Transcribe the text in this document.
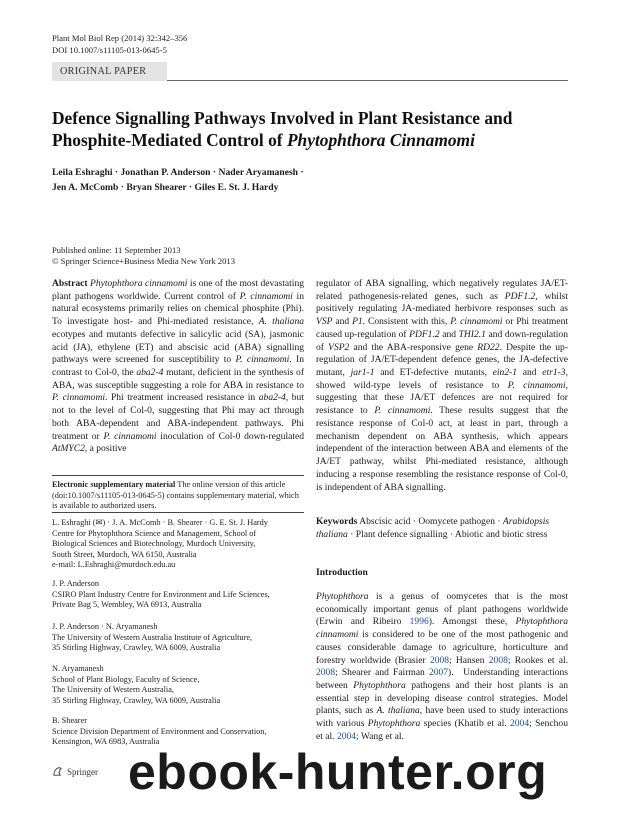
Plant Mol Biol Rep (2014) 32:342–356
DOI 10.1007/s11105-013-0645-5
ORIGINAL PAPER
Defence Signalling Pathways Involved in Plant Resistance and Phosphite-Mediated Control of Phytophthora Cinnamomi
Leila Eshraghi · Jonathan P. Anderson · Nader Aryamanesh ·
Jen A. McComb · Bryan Shearer · Giles E. St. J. Hardy
Published online: 11 September 2013
© Springer Science+Business Media New York 2013
Abstract Phytophthora cinnamomi is one of the most devastating plant pathogens worldwide. Current control of P. cinnamomi in natural ecosystems primarily relies on chemical phosphite (Phi). To investigate host- and Phi-mediated resistance, A. thaliana ecotypes and mutants defective in salicylic acid (SA), jasmonic acid (JA), ethylene (ET) and abscisic acid (ABA) signalling pathways were screened for susceptibility to P. cinnamomi. In contrast to Col-0, the aba2-4 mutant, deficient in the synthesis of ABA, was susceptible suggesting a role for ABA in resistance to P. cinnamomi. Phi treatment increased resistance in aba2-4, but not to the level of Col-0, suggesting that Phi may act through both ABA-dependent and ABA-independent pathways. Phi treatment or P. cinnamomi inoculation of Col-0 down-regulated AtMYC2, a positive
regulator of ABA signalling, which negatively regulates JA/ET-related pathogenesis-related genes, such as PDF1.2, whilst positively regulating JA-mediated herbivore responses such as VSP and P1. Consistent with this, P. cinnamomi or Phi treatment caused up-regulation of PDF1.2 and THI2.1 and down-regulation of VSP2 and the ABA-responsive gene RD22. Despite the up-regulation of JA/ET-dependent defence genes, the JA-defective mutant, jar1-1 and ET-defective mutants, ein2-1 and etr1-3, showed wild-type levels of resistance to P. cinnamomi, suggesting that these JA/ET defences are not required for resistance to P. cinnamomi. These results suggest that the resistance response of Col-0 act, at least in part, through a mechanism dependent on ABA synthesis, which appears independent of the interaction between ABA and elements of the JA/ET pathway, whilst Phi-mediated resistance, although inducing a response resembling the resistance response of Col-0, is independent of ABA signalling.
Electronic supplementary material The online version of this article (doi:10.1007/s11105-013-0645-5) contains supplementary material, which is available to authorized users.
L. Eshraghi (✉) · J. A. McComb · B. Shearer · G. E. St. J. Hardy
Centre for Phytophthora Science and Management, School of
Biological Sciences and Biotechnology, Murdoch University,
South Street, Murdoch, WA 6150, Australia
e-mail: L.Eshraghi@murdoch.edu.au
J. P. Anderson
CSIRO Plant Industry Centre for Environment and Life Sciences,
Private Bag 5, Wembley, WA 6913, Australia
J. P. Anderson · N. Aryamanesh
The University of Western Australia Institute of Agriculture,
35 Stirling Highway, Crawley, WA 6009, Australia
N. Aryamanesh
School of Plant Biology, Faculty of Science,
The University of Western Australia,
35 Stirling Highway, Crawley, WA 6009, Australia
B. Shearer
Science Division Department of Environment and Conservation,
Kensington, WA 6983, Australia
Keywords Abscisic acid · Oomycete pathogen · Arabidopsis thaliana · Plant defence signalling · Abiotic and biotic stress
Introduction
Phytophthora is a genus of oomycetes that is the most economically important genus of plant pathogens worldwide (Erwin and Ribeiro 1996). Amongst these, Phytophthora cinnamomi is considered to be one of the most pathogenic and causes considerable damage to agriculture, horticulture and forestry worldwide (Brasier 2008; Hansen 2008; Rookes et al. 2008; Shearer and Fairman 2007). Understanding interactions between Phytophthora pathogens and their host plants is an essential step in developing disease control strategies. Model plants, such as A. thaliana, have been used to study interactions with various Phytophthora species (Khatib et al. 2004; Senchou et al. 2004; Wang et al.
Springer ebook-hunter.org
